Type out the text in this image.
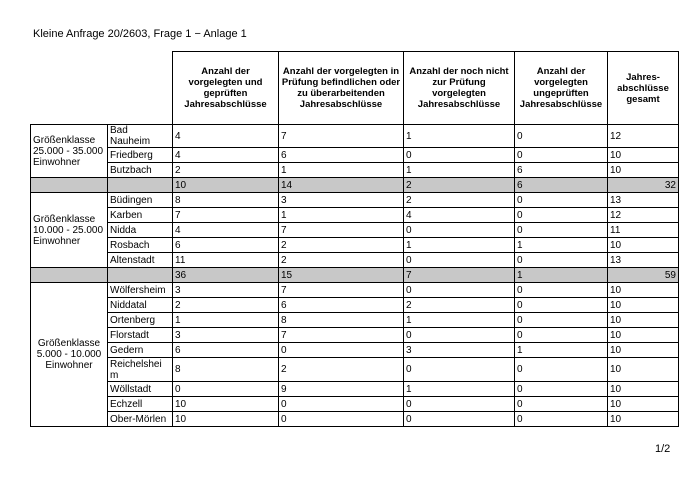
Kleine Anfrage 20/2603, Frage 1 − Anlage 1
		Anzahl der vorgelegten und geprüften Jahresabschlüsse	Anzahl der vorgelegten in Prüfung befindlichen oder zu überarbeitenden Jahresabschlüsse	Anzahl der noch nicht zur Prüfung vorgelegten Jahresabschlüsse	Anzahl der vorgelegten ungeprüften Jahresabschlüsse	Jahres-abschlüsse gesamt
Größenklasse 25.000 - 35.000 Einwohner	Bad Nauheim	4	7	1	0	12
	Friedberg	4	6	0	0	10
	Butzbach	2	1	1	6	10
		10	14	2	6	32
Größenklasse 10.000 - 25.000 Einwohner	Büdingen	8	3	2	0	13
	Karben	7	1	4	0	12
	Nidda	4	7	0	0	11
	Rosbach	6	2	1	1	10
	Altenstadt	11	2	0	0	13
		36	15	7	1	59
Größenklasse 5.000 - 10.000 Einwohner	Wölfersheim	3	7	0	0	10
	Niddatal	2	6	2	0	10
	Ortenberg	1	8	1	0	10
	Florstadt	3	7	0	0	10
	Gedern	6	0	3	1	10
	Reichelsheim	8	2	0	0	10
	Wöllstadt	0	9	1	0	10
	Echzell	10	0	0	0	10
	Ober-Mörlen	10	0	0	0	10
1/2
